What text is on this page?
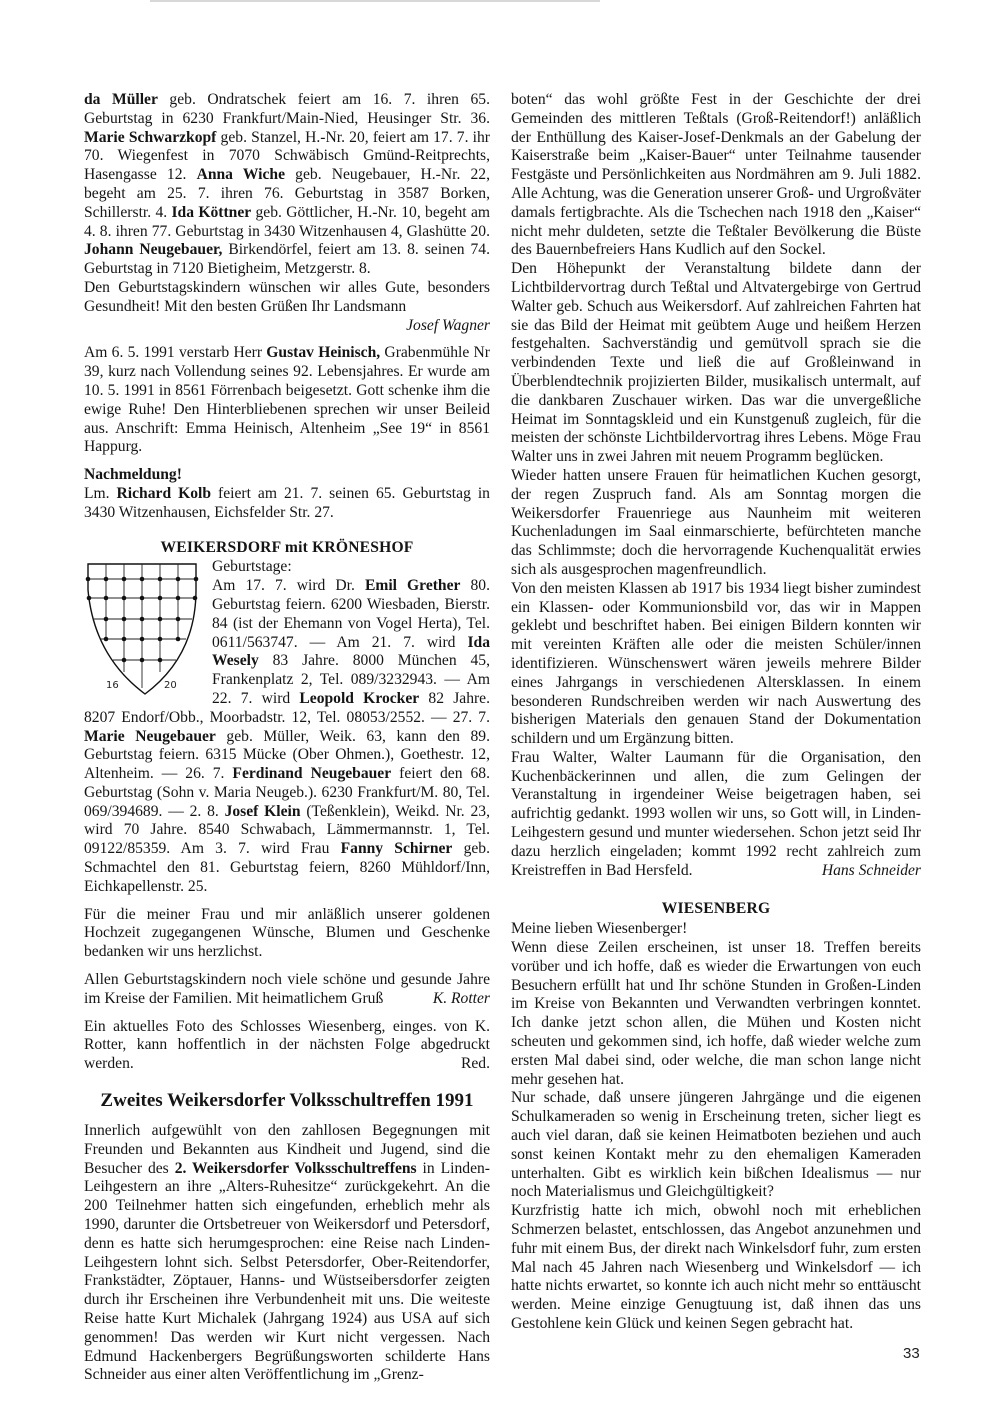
da Müller geb. Ondratschek feiert am 16. 7. ihren 65. Geburtstag in 6230 Frankfurt/Main-Nied, Heusinger Str. 36. Marie Schwarzkopf geb. Stanzel, H.-Nr. 20, feiert am 17. 7. ihr 70. Wiegenfest in 7070 Schwäbisch Gmünd-Reitprechts, Hasengasse 12. Anna Wiche geb. Neugebauer, H.-Nr. 22, begeht am 25. 7. ihren 76. Geburtstag in 3587 Borken, Schillerstr. 4. Ida Köttner geb. Göttlicher, H.-Nr. 10, begeht am 4. 8. ihren 77. Geburtstag in 3430 Witzenhausen 4, Glashütte 20. Johann Neugebauer, Birkendörfel, feiert am 13. 8. seinen 74. Geburtstag in 7120 Bietigheim, Metzgerstr. 8.

Den Geburtstagskindern wünschen wir alles Gute, besonders Gesundheit! Mit den besten Grüßen Ihr Landsmann

Josef Wagner

Am 6. 5. 1991 verstarb Herr Gustav Heinisch, Grabenmühle Nr 39, kurz nach Vollendung seines 92. Lebensjahres. Er wurde am 10. 5. 1991 in 8561 Förrenbach beigesetzt. Gott schenke ihm die ewige Ruhe! Den Hinterbliebenen sprechen wir unser Beileid aus. Anschrift: Emma Heinisch, Altenheim „See 19“ in 8561 Happurg.

Nachmeldung!

Lm. Richard Kolb feiert am 21. 7. seinen 65. Geburtstag in 3430 Witzenhausen, Eichsfelder Str. 27.

WEIKERSDORF mit KRÖNESHOF

16	20

Geburtstage:

Am 17. 7. wird Dr. Emil Grether 80. Geburtstag feiern. 6200 Wiesbaden, Bierstr. 84 (ist der Ehemann von Vogel Herta), Tel. 0611/563747. — Am 21. 7. wird Ida Wesely 83 Jahre. 8000 München 45, Frankenplatz 2, Tel. 089/3232943. — Am 22. 7. wird Leopold Krocker 82 Jahre. 8207 Endorf/Obb., Moorbadstr. 12, Tel. 08053/2552. — 27. 7. Marie Neugebauer geb. Müller, Weik. 63, kann den 89. Geburtstag feiern. 6315 Mücke (Ober Ohmen.), Goethestr. 12, Altenheim. — 26. 7. Ferdinand Neugebauer feiert den 68. Geburtstag (Sohn v. Maria Neugeb.). 6230 Frankfurt/M. 80, Tel. 069/394689. — 2. 8. Josef Klein (Teßenklein), Weikd. Nr. 23, wird 70 Jahre. 8540 Schwabach, Lämmermannstr. 1, Tel. 09122/85359. Am 3. 7. wird Frau Fanny Schirner geb. Schmachtel den 81. Geburtstag feiern, 8260 Mühldorf/Inn, Eichkapellenstr. 25.

Für die meiner Frau und mir anläßlich unserer goldenen Hochzeit zugegangenen Wünsche, Blumen und Geschenke bedanken wir uns herzlichst.

Allen Geburtstagskindern noch viele schöne und gesunde Jahre im Kreise der Familien. Mit heimatlichem Gruß	K. Rotter

Ein aktuelles Foto des Schlosses Wiesenberg, einges. von K. Rotter, kann hoffentlich in der nächsten Folge abgedruckt werden.	Red.

Zweites Weikersdorfer Volksschultreffen 1991

Innerlich aufgewühlt von den zahllosen Begegnungen mit Freunden und Bekannten aus Kindheit und Jugend, sind die Besucher des 2. Weikersdorfer Volksschultreffens in Linden-Leihgestern an ihre „Alters-Ruhesitze“ zurückgekehrt. An die 200 Teilnehmer hatten sich eingefunden, erheblich mehr als 1990, darunter die Ortsbetreuer von Weikersdorf und Petersdorf, denn es hatte sich herumgesprochen: eine Reise nach Linden-Leihgestern lohnt sich. Selbst Petersdorfer, Ober-Reitendorfer, Frankstädter, Zöptauer, Hanns- und Wüstseibersdorfer zeigten durch ihr Erscheinen ihre Verbundenheit mit uns. Die weiteste Reise hatte Kurt Michalek (Jahrgang 1924) aus USA auf sich genommen! Das werden wir Kurt nicht vergessen. Nach Edmund Hackenbergers Begrüßungsworten schilderte Hans Schneider aus einer alten Veröffentlichung im „Grenz-

boten“ das wohl größte Fest in der Geschichte der drei Gemeinden des mittleren Teßtals (Groß-Reitendorf!) anläßlich der Enthüllung des Kaiser-Josef-Denkmals an der Gabelung der Kaiserstraße beim „Kaiser-Bauer“ unter Teilnahme tausender Festgäste und Persönlichkeiten aus Nordmähren am 9. Juli 1882. Alle Achtung, was die Generation unserer Groß- und Urgroßväter damals fertigbrachte. Als die Tschechen nach 1918 den „Kaiser“ nicht mehr duldeten, setzte die Teßtaler Bevölkerung die Büste des Bauernbefreiers Hans Kudlich auf den Sockel.

Den Höhepunkt der Veranstaltung bildete dann der Lichtbildervortrag durch Teßtal und Altvatergebirge von Gertrud Walter geb. Schuch aus Weikersdorf. Auf zahlreichen Fahrten hat sie das Bild der Heimat mit geübtem Auge und heißem Herzen festgehalten. Sachverständig und gemütvoll sprach sie die verbindenden Texte und ließ die auf Großleinwand in Überblendtechnik projizierten Bilder, musikalisch untermalt, auf die dankbaren Zuschauer wirken. Das war die unvergeßliche Heimat im Sonntagskleid und ein Kunstgenuß zugleich, für die meisten der schönste Lichtbildervortrag ihres Lebens. Möge Frau Walter uns in zwei Jahren mit neuem Programm beglücken.

Wieder hatten unsere Frauen für heimatlichen Kuchen gesorgt, der regen Zuspruch fand. Als am Sonntag morgen die Weikersdorfer Frauenriege aus Naunheim mit weiteren Kuchenladungen im Saal einmarschierte, befürchteten manche das Schlimmste; doch die hervorragende Kuchenqualität erwies sich als ausgesprochen magenfreundlich.

Von den meisten Klassen ab 1917 bis 1934 liegt bisher zumindest ein Klassen- oder Kommunionsbild vor, das wir in Mappen geklebt und beschriftet haben. Bei einigen Bildern konnten wir mit vereinten Kräften alle oder die meisten Schüler/innen identifizieren. Wünschenswert wären jeweils mehrere Bilder eines Jahrgangs in verschiedenen Altersklassen. In einem besonderen Rundschreiben werden wir nach Auswertung des bisherigen Materials den genauen Stand der Dokumentation schildern und um Ergänzung bitten.

Frau Walter, Walter Laumann für die Organisation, den Kuchenbäckerinnen und allen, die zum Gelingen der Veranstaltung in irgendeiner Weise beigetragen haben, sei aufrichtig gedankt. 1993 wollen wir uns, so Gott will, in Linden-Leihgestern gesund und munter wiedersehen. Schon jetzt seid Ihr dazu herzlich eingeladen; kommt 1992 recht zahlreich zum Kreistreffen in Bad Hersfeld.	Hans Schneider

WIESENBERG

Meine lieben Wiesenberger!

Wenn diese Zeilen erscheinen, ist unser 18. Treffen bereits vorüber und ich hoffe, daß es wieder die Erwartungen von euch Besuchern erfüllt hat und Ihr schöne Stunden in Großen-Linden im Kreise von Bekannten und Verwandten verbringen konntet. Ich danke jetzt schon allen, die Mühen und Kosten nicht scheuten und gekommen sind, ich hoffe, daß wieder welche zum ersten Mal dabei sind, oder welche, die man schon lange nicht mehr gesehen hat.

Nur schade, daß unsere jüngeren Jahrgänge und die eigenen Schulkameraden so wenig in Erscheinung treten, sicher liegt es auch viel daran, daß sie keinen Heimatboten beziehen und auch sonst keinen Kontakt mehr zu den ehemaligen Kameraden unterhalten. Gibt es wirklich kein bißchen Idealismus — nur noch Materialismus und Gleichgültigkeit?

Kurzfristig hatte ich mich, obwohl noch mit erheblichen Schmerzen belastet, entschlossen, das Angebot anzunehmen und fuhr mit einem Bus, der direkt nach Winkelsdorf fuhr, zum ersten Mal nach 45 Jahren nach Wiesenberg und Winkelsdorf — ich hatte nichts erwartet, so konnte ich auch nicht mehr so enttäuscht werden. Meine einzige Genugtuung ist, daß ihnen das uns Gestohlene kein Glück und keinen Segen gebracht hat.

33
